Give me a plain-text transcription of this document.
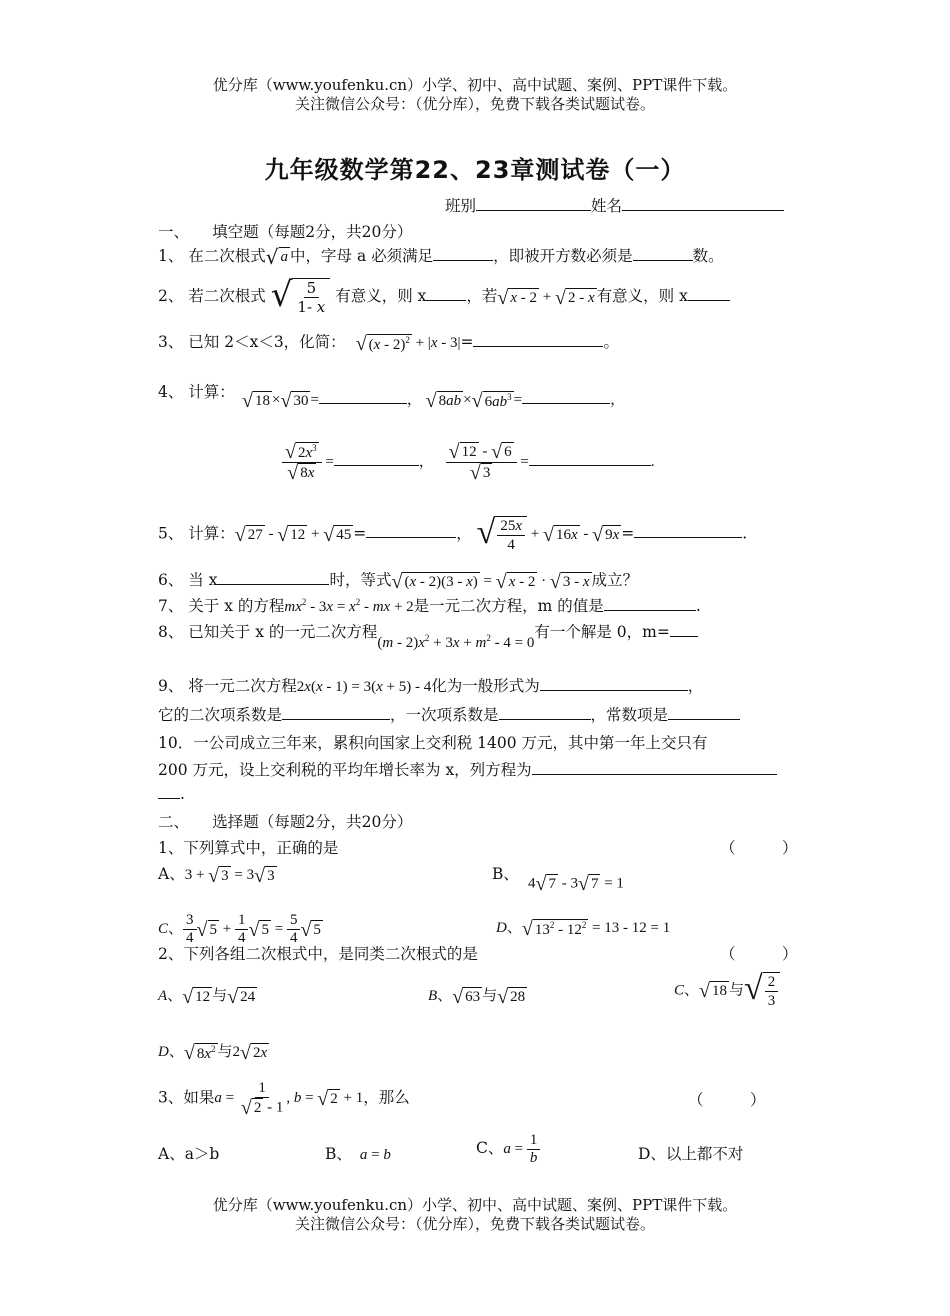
优分库（www.youfenku.cn）小学、初中、高中试题、案例、PPT课件下载。
关注微信公众号：（优分库），免费下载各类试题试卷。
九年级数学第22、23章测试卷（一）
班别	姓名
一、　　填空题（每题2分，共20分）
1、 在二次根式 √ a 中，字母 a 必须满足	，即被开方数必须是	数。
2、 若二次根式 √ $\frac{5}{1- x}$ 有意义，则 x	，若 √ x - 2 + √ 2 - x 有意义，则 x
3、 已知 2＜x＜3，化简： √ (x - 2)$^2$ + |x - 3|=	。
4、 计算： √ 18 × √ 30 =	， √ 8ab × √ $6ab^3$ =	，
$\frac{√ 2x^3}{√ 8x}$ =	， $\frac{√ 12 - √ 6}{√ 3}$ =	.
5、 计算： √ 27 - √ 12 + √ 45 =	， √ $\frac{25x}{4}$ + √ 16x - √ 9x =	.
6、 当 x	时，等式 √ (x - 2)(3 - x) = √ x - 2 · √ 3 - x 成立？
7、 关于 x 的方程$mx^2 - 3x = x^2$ - mx + 2是一元二次方程，m 的值是	.
8、 已知关于 x 的一元二次方程$(m - 2)x^2 + 3x + m^2 - 4 = 0$有一个解是 0，m=
9、 将一元二次方程2x(x - 1) = 3(x + 5) - 4化为一般形式为	，
它的二次项系数是	，一次项系数是	，常数项是
10．一公司成立三年来，累积向国家上交利税 1400 万元，其中第一年上交只有
200 万元，设上交利税的平均年增长率为 x，列方程为
.
二、　　选择题（每题2分，共20分）
1、下列算式中，正确的是	（　　　）
A、3 + √ 3 = 3 √ 3	B、
4 √ 7 - 3 √ 7 = 1
C、 $\frac{3}{4}$ √ $5 + \frac{1}{4}$ √ $5 = \frac{5}{4}$ √ 5	D、 √ $13^2 - 12^2 = 13 - 12 = 1$
2、下列各组二次根式中，是同类二次根式的是	（　　　）
A、 √ 12 与 √ 24	B、 √ 63 与 √ 28	C、 √ 18 与 √ $\frac{2}{3}$
D、 √ $8x^2$ 与2 √ 2x
3、如果$a = \frac{1}{√ 2 - 1}$ , b = √ 2 + 1，那么	（　　　）
A、a＞b	B、 a = b	C、$a = \frac{1}{b}$	D、以上都不对
优分库（www.youfenku.cn）小学、初中、高中试题、案例、PPT课件下载。
关注微信公众号：（优分库），免费下载各类试题试卷。
